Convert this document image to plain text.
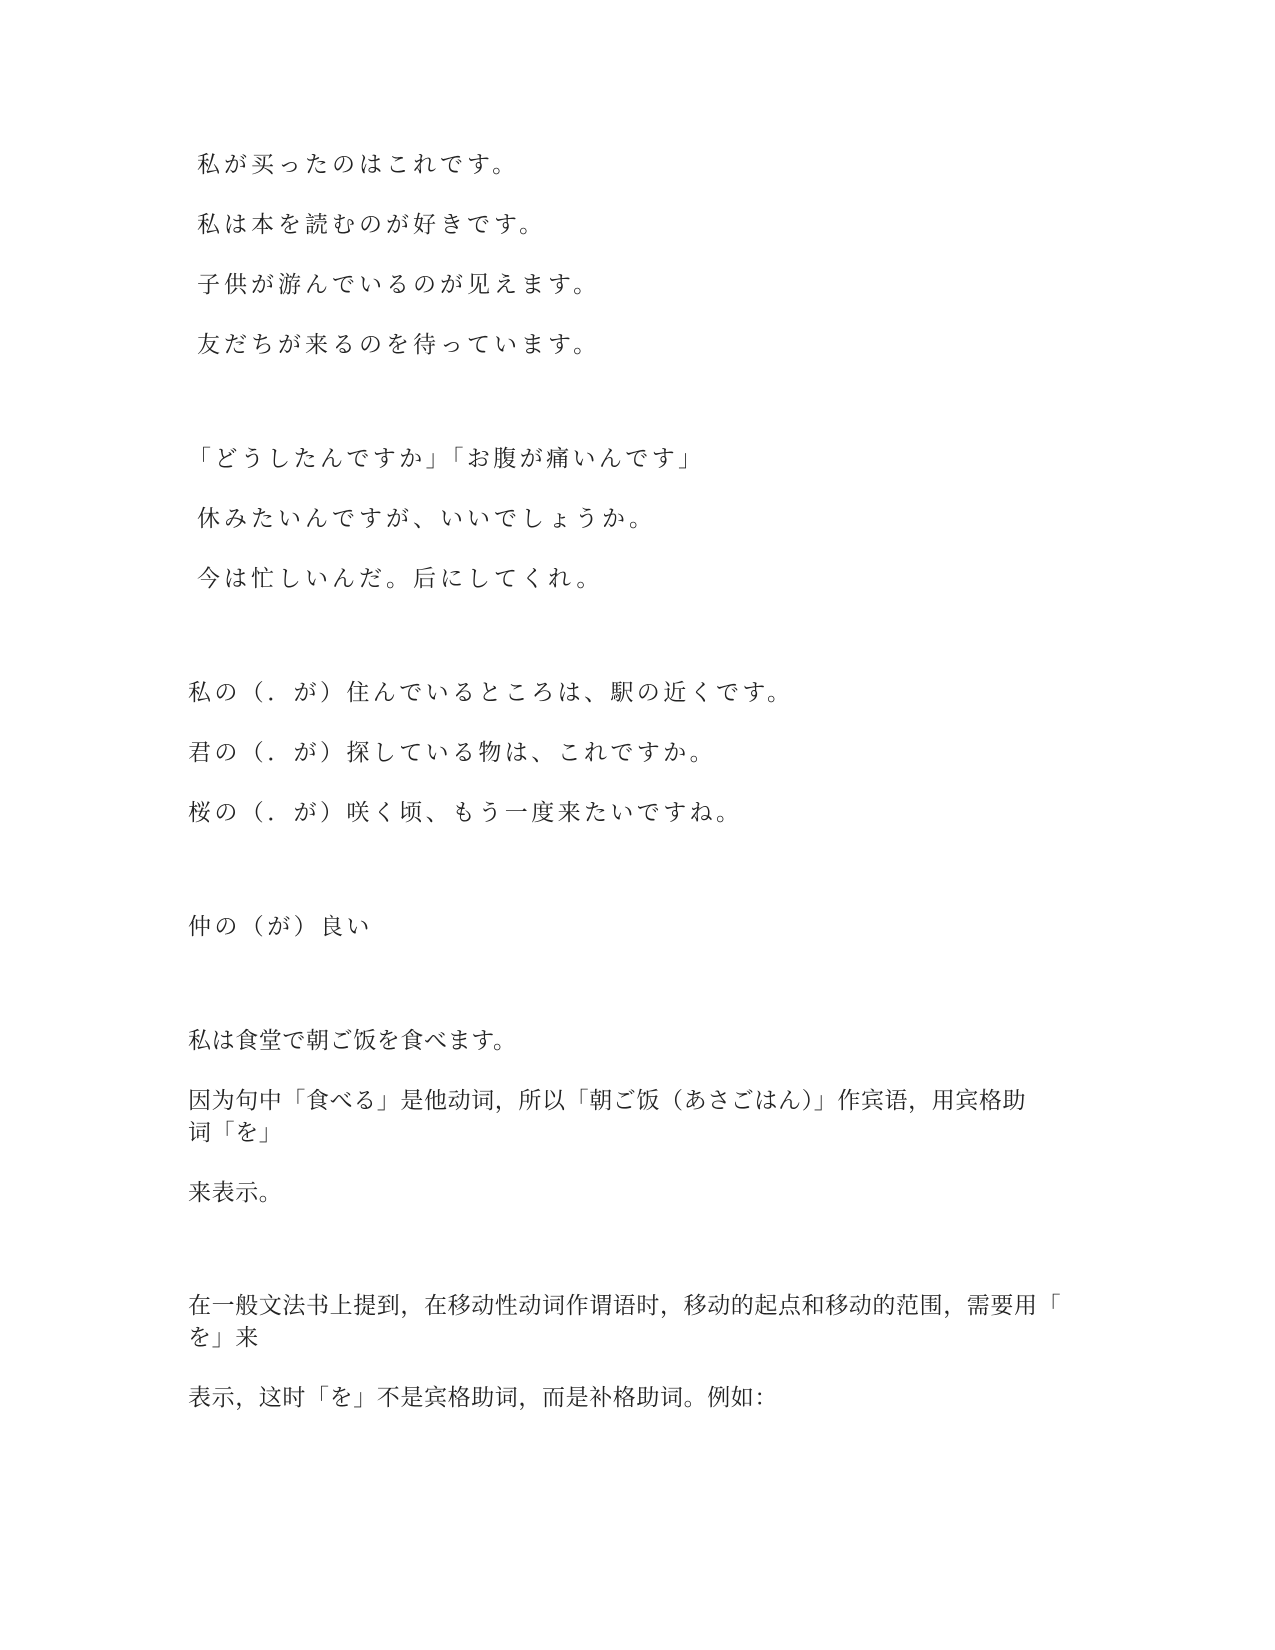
私が买ったのはこれです。
私は本を読むのが好きです。
子供が游んでいるのが见えます。
友だちが来るのを待っています。
「どうしたんですか」「お腹が痛いんです」
休みたいんですが、いいでしょうか。
今は忙しいんだ。后にしてくれ。
私の（．が）住んでいるところは、駅の近くです。
君の（．が）探している物は、これですか。
桜の（．が）咲く顷、もう一度来たいですね。
仲の（が）良い
私は食堂で朝ご饭を食べます。
因为句中「食べる」是他动词，所以「朝ご饭（あさごはん）」作宾语，用宾格助
词「を」
来表示。
在一般文法书上提到，在移动性动词作谓语时，移动的起点和移动的范围，需要用「
を」来
表示，这时「を」不是宾格助词，而是补格助词。例如：
